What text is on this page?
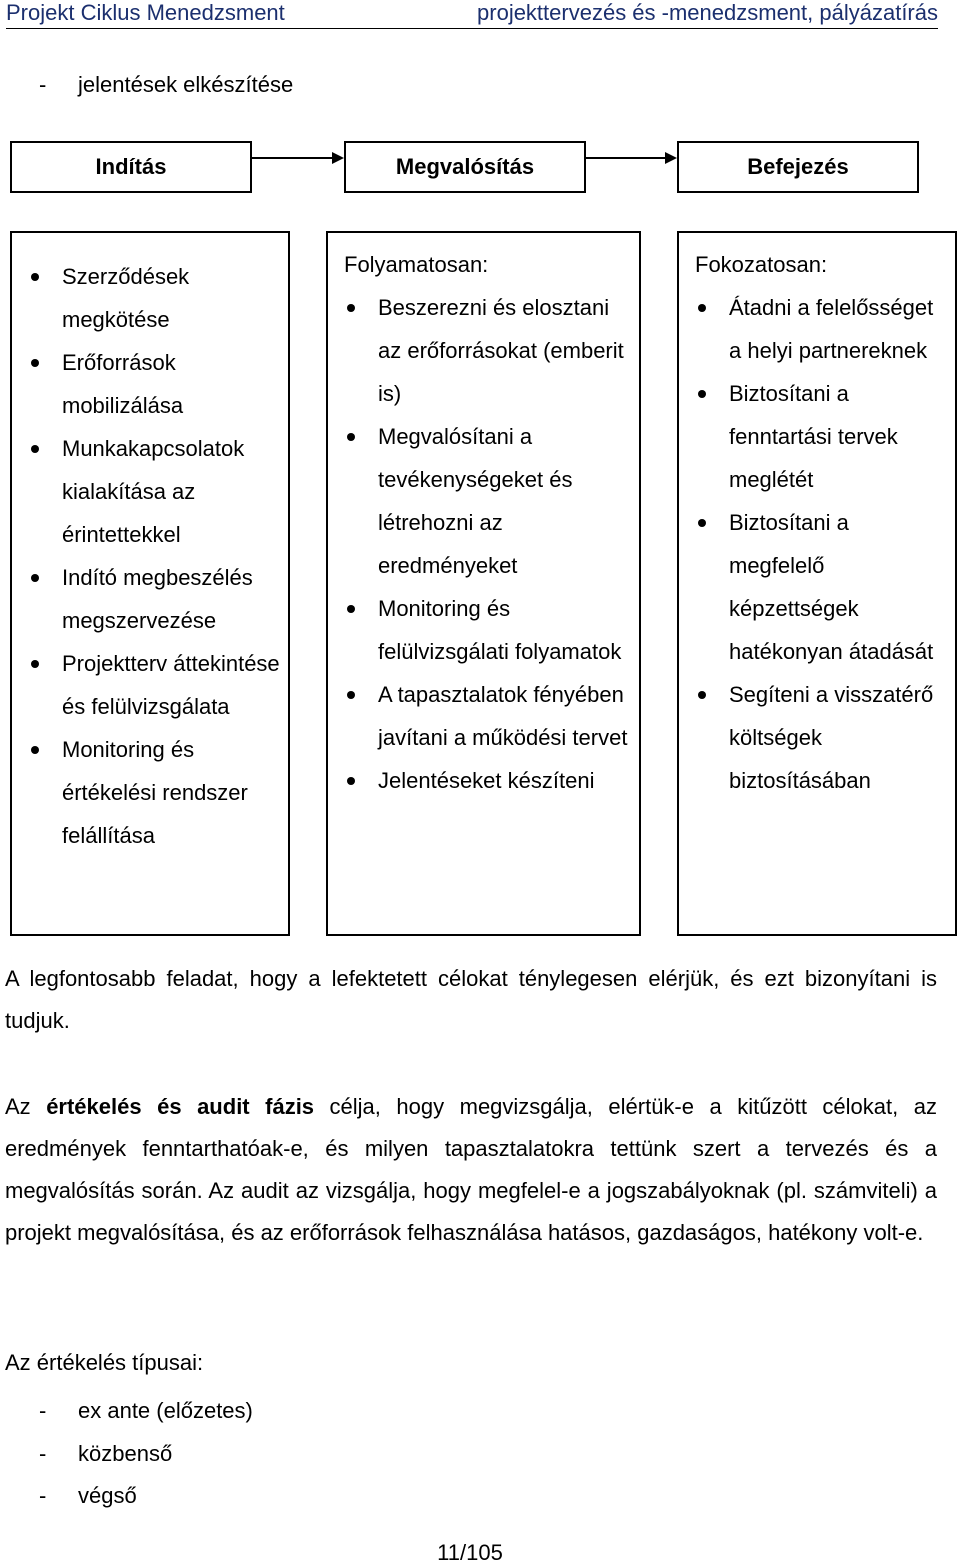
Projekt Ciklus Menedzsment	projekttervezés és -menedzsment, pályázatírás
- jelentések elkészítése
Indítás	Megvalósítás	Befejezés
Szerződések megkötése
Erőforrások mobilizálása
Munkakapcsolatok kialakítása az érintettekkel
Indító megbeszélés megszervezése
Projektterv áttekintése és felülvizsgálata
Monitoring és értékelési rendszer felállítása

Folyamatosan:

Beszerezni és elosztani az erőforrásokat (emberit is)
Megvalósítani a tevékenységeket és létrehozni az eredményeket
Monitoring és felülvizsgálati folyamatok
A tapasztalatok fényében javítani a működési tervet
Jelentéseket készíteni

Fokozatosan:

Átadni a felelősséget a helyi partnereknek
Biztosítani a fenntartási tervek meglétét
Biztosítani a megfelelő képzettségek hatékonyan átadását
Segíteni a visszatérő költségek biztosításában

A legfontosabb feladat, hogy a lefektetett célokat ténylegesen elérjük, és ezt bizonyítani is tudjuk.

Az értékelés és audit fázis célja, hogy megvizsgálja, elértük-e a kitűzött célokat, az eredmények fenntarthatóak-e, és milyen tapasztalatokra tettünk szert a tervezés és a megvalósítás során. Az audit az vizsgálja, hogy megfelel-e a jogszabályoknak (pl. számviteli) a projekt megvalósítása, és az erőforrások felhasználása hatásos, gazdaságos, hatékony volt-e.

Az értékelés típusai:
- ex ante (előzetes)
- közbenső
- végső
11/105
